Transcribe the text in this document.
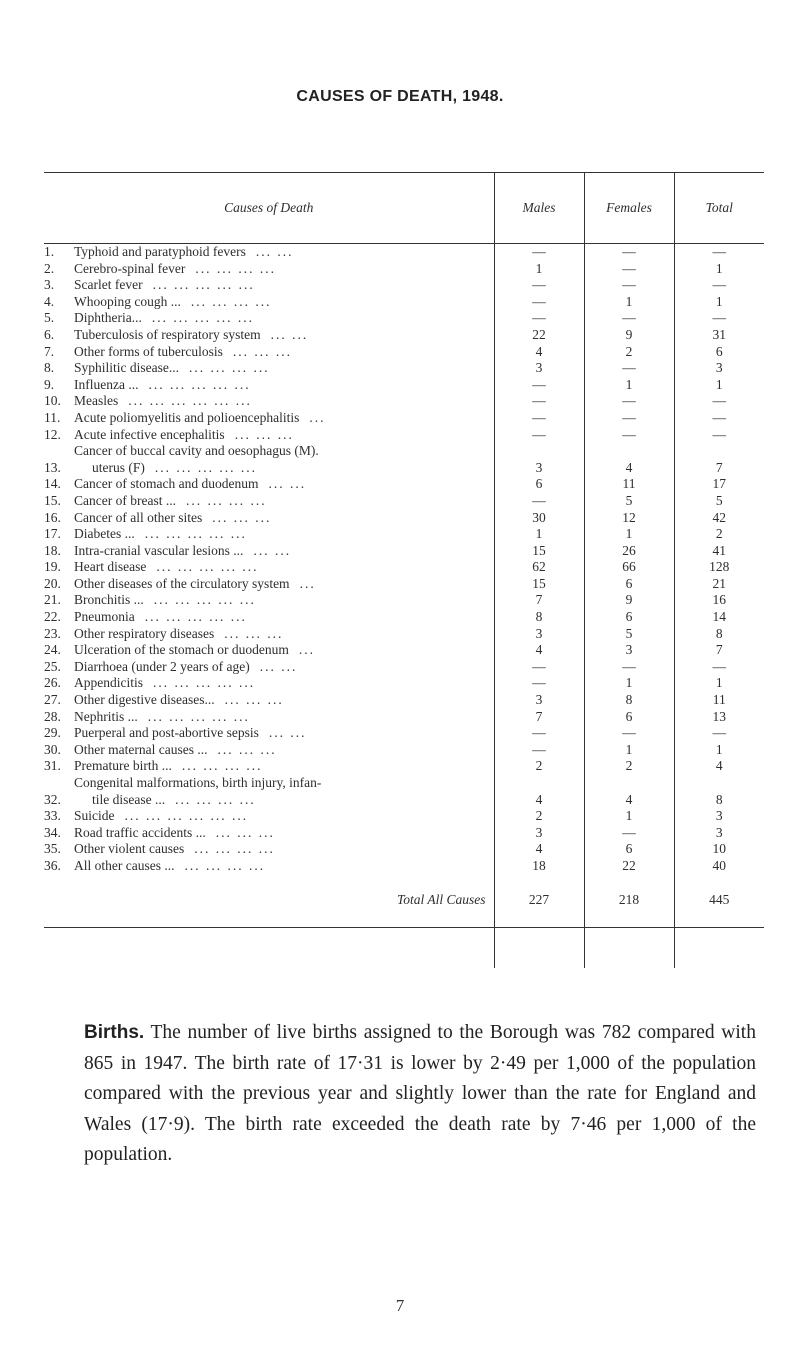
CAUSES OF DEATH, 1948.
Causes of Death		Males	Females	Total
1.	Typhoid and paratyphoid fevers ... ...	—	—	—
2.	Cerebro-spinal fever ... ... ... ...	1	—	1
3.	Scarlet fever ... ... ... ... ...	—	—	—
4.	Whooping cough ... ... ... ... ...	—	1	1
5.	Diphtheria... ... ... ... ... ...	—	—	—
6.	Tuberculosis of respiratory system ... ...	22	9	31
7.	Other forms of tuberculosis ... ... ...	4	2	6
8.	Syphilitic disease... ... ... ... ...	3	—	3
9.	Influenza ... ... ... ... ... ...	—	1	1
10.	Measles ... ... ... ... ... ...	—	—	—
11.	Acute poliomyelitis and polioencephalitis ...	—	—	—
12.	Acute infective encephalitis ... ... ...	—	—	—
13.	Cancer of buccal cavity and oesophagus (M).
uterus (F) ... ... ... ... ...	3	4	7
14.	Cancer of stomach and duodenum ... ...	6	11	17
15.	Cancer of breast ... ... ... ... ...	—	5	5
16.	Cancer of all other sites ... ... ...	30	12	42
17.	Diabetes ... ... ... ... ... ...	1	1	2
18.	Intra-cranial vascular lesions ... ... ...	15	26	41
19.	Heart disease ... ... ... ... ...	62	66	128
20.	Other diseases of the circulatory system ...	15	6	21
21.	Bronchitis ... ... ... ... ... ...	7	9	16
22.	Pneumonia ... ... ... ... ...	8	6	14
23.	Other respiratory diseases ... ... ...	3	5	8
24.	Ulceration of the stomach or duodenum ...	4	3	7
25.	Diarrhoea (under 2 years of age) ... ...	—	—	—
26.	Appendicitis ... ... ... ... ...	—	1	1
27.	Other digestive diseases... ... ... ...	3	8	11
28.	Nephritis ... ... ... ... ... ...	7	6	13
29.	Puerperal and post-abortive sepsis ... ...	—	—	—
30.	Other maternal causes ... ... ... ...	—	1	1
31.	Premature birth ... ... ... ... ...	2	2	4
32.	Congenital malformations, birth injury, infan-
tile disease ... ... ... ... ...	4	4	8
33.	Suicide ... ... ... ... ... ...	2	1	3
34.	Road traffic accidents ... ... ... ...	3	—	3
35.	Other violent causes ... ... ... ...	4	6	10
36.	All other causes ... ... ... ... ...	18	22	40
Total All Causes		227	218	445

Births. The number of live births assigned to the Borough was 782 compared with 865 in 1947. The birth rate of 17·31 is lower by 2·49 per 1,000 of the population compared with the previous year and slightly lower than the rate for England and Wales (17·9). The birth rate exceeded the death rate by 7·46 per 1,000 of the population.
7
